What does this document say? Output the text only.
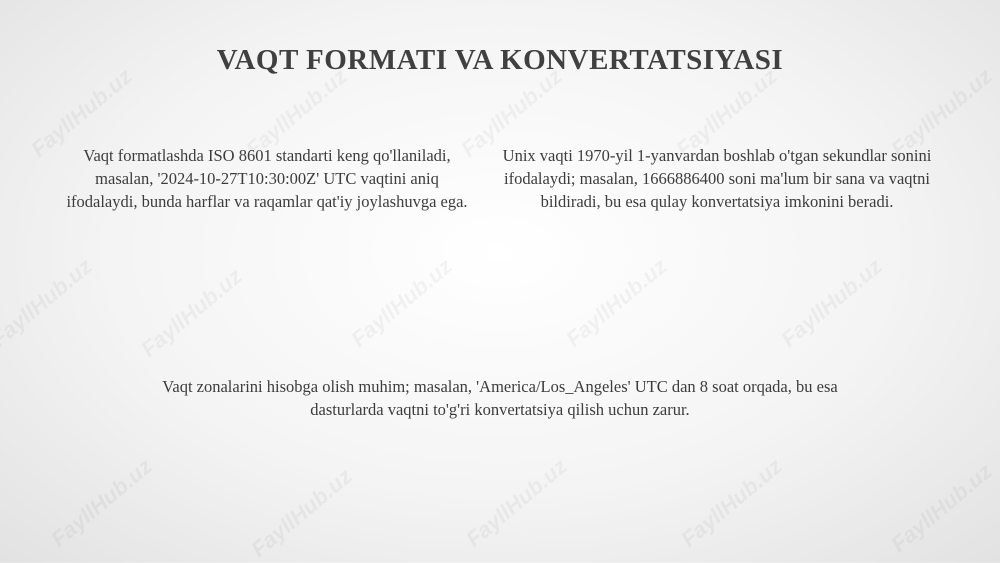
VAQT FORMATI VA KONVERTATSIYASI
Vaqt formatlashda ISO 8601 standarti keng qo'llaniladi, masalan, '2024-10-27T10:30:00Z' UTC vaqtini aniq ifodalaydi, bunda harflar va raqamlar qat'iy joylashuvga ega.
Unix vaqti 1970-yil 1-yanvardan boshlab o'tgan sekundlar sonini ifodalaydi; masalan, 1666886400 soni ma'lum bir sana va vaqtni bildiradi, bu esa qulay konvertatsiya imkonini beradi.
Vaqt zonalarini hisobga olish muhim; masalan, 'America/Los_Angeles' UTC dan 8 soat orqada, bu esa dasturlarda vaqtni to'g'ri konvertatsiya qilish uchun zarur.
